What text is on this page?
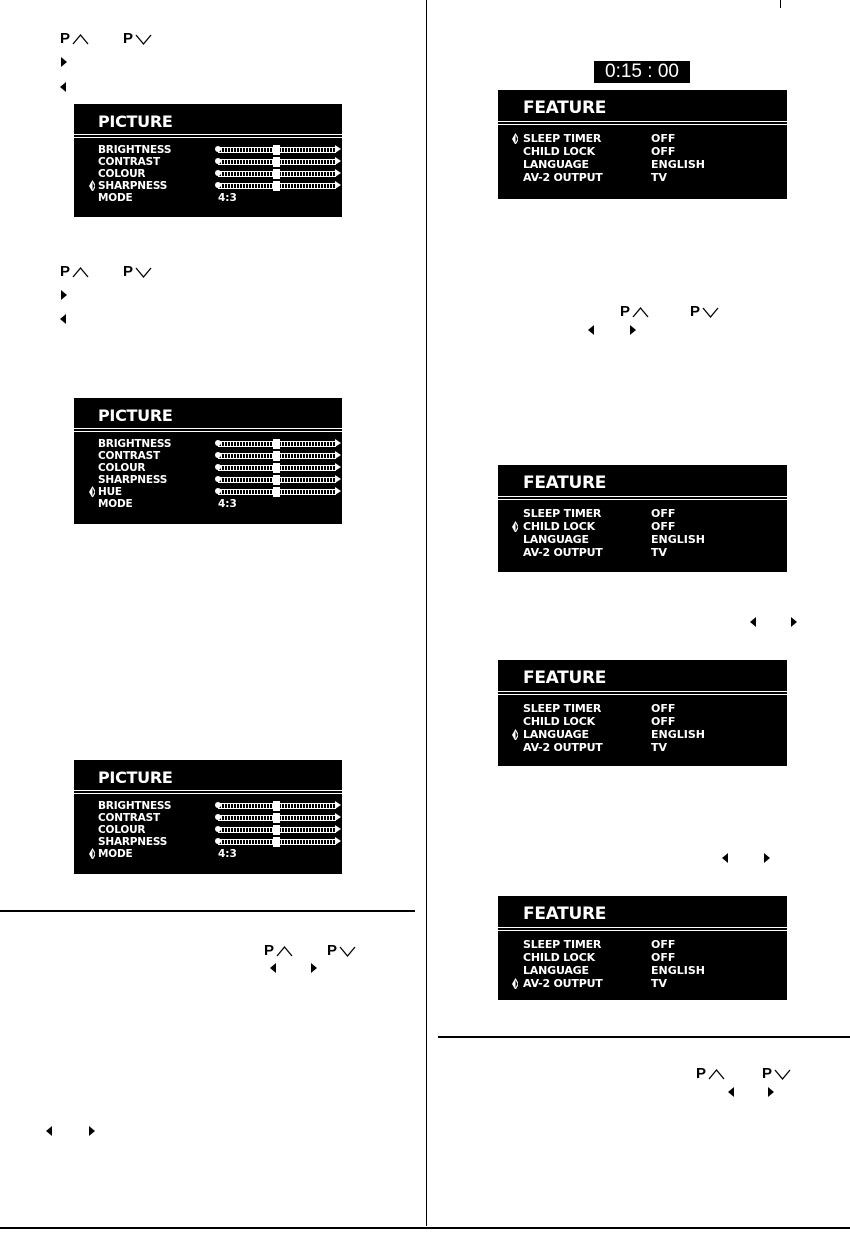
P	P
P	P
P	P
P	P
P	P
0:15 : 00
PICTURE
BRIGHTNESS
CONTRAST
COLOUR
SHARPNESS
MODE	4:3
PICTURE
BRIGHTNESS
CONTRAST
COLOUR
SHARPNESS
HUE
MODE	4:3
PICTURE
BRIGHTNESS
CONTRAST
COLOUR
SHARPNESS
MODE	4:3
FEATURE
SLEEP TIMER	OFF
CHILD LOCK	OFF
LANGUAGE	ENGLISH
AV-2 OUTPUT	TV
FEATURE
SLEEP TIMER	OFF
CHILD LOCK	OFF
LANGUAGE	ENGLISH
AV-2 OUTPUT	TV
FEATURE
SLEEP TIMER	OFF
CHILD LOCK	OFF
LANGUAGE	ENGLISH
AV-2 OUTPUT	TV
FEATURE
SLEEP TIMER	OFF
CHILD LOCK	OFF
LANGUAGE	ENGLISH
AV-2 OUTPUT	TV
